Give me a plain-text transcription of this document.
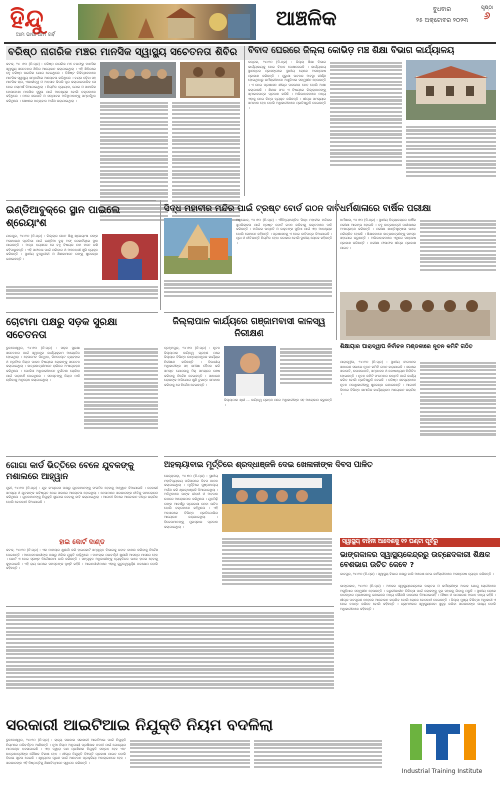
ହିନ୍ଦୁ
ଆମ ଭାଷା ଆମ ଗର୍ବ
ଆଞ୍ଚଳିକ	ବୁଧବାର
୨୫ ଅକ୍ଟୋବର ୨୦୨୩
ପୃଷ୍ଠା
୬
ବରିଷ୍ଠ ନାଗରିକ ମଞ୍ଚର ମାନସିକ ସ୍ୱାସ୍ଥ୍ୟ ସଚେତନତା ଶିବିର
କଟକ, ୨୪ ।୧୦ (ନି.ପ୍ର) : ବରିଷ୍ଠ ନାଗରିକ ମଞ୍ଚ ତରଫରୁ ମାନସିକ ସ୍ୱାସ୍ଥ୍ୟ ସଚେତନତା ଶିବିର ଆୟୋଜନ କରାଯାଇଥିଲା । ଏହି ଶିବିରରେ ବହୁ ବରିଷ୍ଠ ନାଗରିକ ଯୋଗ ଦେଇଥିଲେ । ବିଶିଷ୍ଟ ଚିକିତ୍ସକମାନେ ମାନସିକ ସ୍ୱାସ୍ଥ୍ୟ ସମ୍ପର୍କରେ ଆଲୋଚନା କରିଥିଲେ । ବୟସ ବଢ଼ିବା ସହ ମାନସିକ ଚାପ, ଏକାକୀତ୍ୱ ଓ ଅବସାଦ କିପରି ଦୂର କରାଯାଇପାରିବ ସେ ନେଇ ପରାମର୍ଶ ଦିଆଯାଇଥିଲା । ନିୟମିତ ବ୍ୟାୟାମ, ଯୋଗ ଓ ସାମାଜିକ ମେଳାମେଶା ମାନସିକ ସୁସ୍ଥତା ପାଇଁ ଆବଶ୍ୟକ ବୋଲି ବକ୍ତାମାନେ କହିଥିଲେ । ମଞ୍ଚର ସଭାପତି ଓ ସମ୍ପାଦକ ଅତିଥିମାନଙ୍କୁ ସମ୍ବର୍ଦ୍ଧିତ କରିଥିଲେ । ଶେଷରେ ଧନ୍ୟବାଦ ଅର୍ପଣ କରାଯାଇଥିଲା ।
ବିବାଦ ଘେରରେ ଜିଲ୍ଲା କୋଭିଡ଼ ମଞ୍ଚ ଶିକ୍ଷା ବିଭାଗ କାର୍ଯ୍ୟାଳୟ
ଭଦ୍ରକ, ୨୪।୧୦ (ନି.ପ୍ର) : ଜିଲ୍ଲା ଶିକ୍ଷା ବିଭାଗ କାର୍ଯ୍ୟାଳୟକୁ ନେଇ ବିବାଦ ଦେଖାଦେଇଛି । କାର୍ଯ୍ୟାଳୟ ସ୍ଥାନାନ୍ତର ପ୍ରସଙ୍ଗରେ ସ୍ଥାନୀୟ ଲୋକେ ଅସନ୍ତୋଷ ପ୍ରକାଶ କରିଛନ୍ତି । ପୁରୁଣା ଭବନର ଅବସ୍ଥା ଜୀର୍ଣ୍ଣ ହୋଇଥିବାରୁ କର୍ମଚାରୀମାନେ ଅସୁବିଧାର ସମ୍ମୁଖୀନ ହେଉଛନ୍ତି । ଏ ନେଇ ପ୍ରଶାସନ ଶୀଘ୍ର ପଦକ୍ଷେପ ନେବ ବୋଲି ଆଶା କରାଯାଉଛି । ଶିକ୍ଷକ ସଂଘ ଏ ବିଷୟରେ ଜିଲ୍ଲାପାଳଙ୍କୁ ସ୍ମାରକପତ୍ର ପ୍ରଦାନ କରିଛି । ଅଭିଭାବକମାନେ ମଧ୍ୟ ଏହାକୁ ନେଇ ଚିନ୍ତା ବ୍ୟକ୍ତ କରିଛନ୍ତି । ଶୀଘ୍ର ସମସ୍ୟାର ସମାଧାନ ହେବ ବୋଲି ଅଧିକାରୀମାନେ ପ୍ରତିଶ୍ରୁତି ଦେଇଛନ୍ତି ।
ଇଣ୍ଡିଆବୁକ୍‌ରେ ସ୍ଥାନ ପାଇଲେ ଶ୍ରେୟାଂଶ
ଯାଜପୁର, ୨୪।୧୦ (ନି.ପ୍ର) : ଜିଲ୍ଲାର ଛୋଟ ଶିଶୁ ଶ୍ରେୟାଂଶ ତାଙ୍କ ଅସାଧାରଣ ପ୍ରତିଭା ପାଇଁ ଇଣ୍ଡିଆ ବୁକ୍ ଅଫ୍ ରେକର୍ଡସ୍‌ରେ ସ୍ଥାନ ପାଇଛନ୍ତି । ଅଳ୍ପ ବୟସରେ ସେ ବହୁ ବିଷୟର ନାମ ମନେ ରଖି କହିପାରୁଛନ୍ତି । ଏହି ସଫଳତା ପାଇଁ ପରିବାର ଓ ଅଞ୍ଚଳବାସୀ ଖୁସି ବ୍ୟକ୍ତ କରିଛନ୍ତି । ସ୍ଥାନୀୟ ବୁଦ୍ଧିଜୀବୀ ଓ ଶିକ୍ଷକମାନେ ତାଙ୍କୁ ଶୁଭେଚ୍ଛା ଜଣାଇଛନ୍ତି ।
ସିଦ୍ଧ ମହାବୀର ମନ୍ଦିର ପାଇଁ ଟ୍ରଷ୍ଟ ବୋର୍ଡ ଗଠନ ଦାବି
ଅନୁଗୋଳ, ୨୪।୧୦ (ନି.ପ୍ର) : ଐତିହ୍ୟମଣ୍ଡିତ ସିଦ୍ଧ ମହାବୀର ମନ୍ଦିରର ସୁପରିଚାଳନା ପାଇଁ ଟ୍ରଷ୍ଟ ବୋର୍ଡ ଗଠନ କରିବାକୁ ଭକ୍ତମାନେ ଦାବି କରିଛନ୍ତି । ମନ୍ଦିରର ଉନ୍ନତି ଓ ଭକ୍ତଙ୍କ ସୁବିଧା ପାଇଁ ଏହା ଆବଶ୍ୟକ ବୋଲି ସେମାନେ କହିଛନ୍ତି । ପ୍ରଶାସନକୁ ଏ ନେଇ ଦାବିପତ୍ର ଦିଆଯାଇଛି । ପୂଜା ଓ ନୀତିକାନ୍ତି ନିୟମିତ ହେବା ଦରକାର ବୋଲି ସ୍ଥାନୀୟ ଲୋକେ କହିଛନ୍ତି ।
ଧର୍ମଶାଳାରେ ବାର୍ଷିକ ପରୀକ୍ଷା
ଧର୍ମଶାଳା, ୨୪।୧୦ (ନି.ପ୍ର) : ସ୍ଥାନୀୟ ବିଦ୍ୟାଳୟରେ ବାର୍ଷିକ ପରୀକ୍ଷା ଆରମ୍ଭ ହୋଇଛି । ବହୁ ଛାତ୍ରଛାତ୍ରୀ ପରୀକ୍ଷାରେ ଅଂଶଗ୍ରହଣ କରିଛନ୍ତି । ପରୀକ୍ଷା ଶାନ୍ତିଶୃଙ୍ଖଳା ଭାବେ ପରିଚାଳିତ ହେଉଛି । ଶିକ୍ଷକମାନେ ଛାତ୍ରଛାତ୍ରୀଙ୍କୁ ସମସ୍ତ ସହଯୋଗ କରୁଛନ୍ତି । ଅଭିଭାବକମାନେ ଏଥିରେ ସନ୍ତୋଷ ପ୍ରକାଶ କରିଛନ୍ତି । ପରୀକ୍ଷା ଫଳାଫଳ ଶୀଘ୍ର ପ୍ରକାଶ ପାଇବ ।
ଜିଲ୍ଲାପାଳ କାର୍ଯ୍ୟରେ ଗଞ୍ଜାମବାସୀ କାଳସ୍ୱ ନିରୀକ୍ଷଣ
ବ୍ରହ୍ମପୁର, ୨୪।୧୦ (ନି.ପ୍ର) : ନୂତନ ଜିଲ୍ଲାପାଳ ଦାୟିତ୍ୱ ଗ୍ରହଣ ପରେ ଜିଲ୍ଲାର ବିଭିନ୍ନ ଉନ୍ନୟନମୂଳକ କାର୍ଯ୍ୟର ନିରୀକ୍ଷଣ କରିଛନ୍ତି । ବିଭାଗୀୟ ଅଧିକାରୀଙ୍କ ସହ ସମୀକ୍ଷା ବୈଠକ କରି ସମସ୍ତ ଯୋଜନାକୁ ଠିକ୍ ସମୟରେ ଶେଷ କରିବାକୁ ନିର୍ଦ୍ଦେଶ ଦେଇଛନ୍ତି । ସାଧାରଣ ଲୋକଙ୍କ ଅଭିଯୋଗ ଶୁଣି ତୁରନ୍ତ ସମାଧାନ କରିବାକୁ ସେ ନିର୍ଦ୍ଦେଶ ଦେଇଛନ୍ତି ।
ଜିଲ୍ଲାପାଳ ଶ୍ରୀ ... ଦାୟିତ୍ୱ ଗ୍ରହଣ ପରେ ଅଧିକାରୀଙ୍କ ସହ ଆଲୋଚନା କରୁଛନ୍ତି ।
ଚୋଟାମା ପକ୍ଷରୁ ସଡ଼କ ସୁରକ୍ଷା ସଚେତନତା
ଭୁବନେଶ୍ୱର, ୨୪।୧୦ (ନି.ପ୍ର) : ସଡ଼କ ସୁରକ୍ଷା ସଚେତନତା ପାଇଁ ସ୍ୱତନ୍ତ୍ର କାର୍ଯ୍ୟକ୍ରମ ଆୟୋଜିତ ହୋଇଥିଲା । ହେଲମେଟ ପିନ୍ଧିବା, ସିଟବେଲ୍ଟ ବ୍ୟବହାର ଓ ଟ୍ରାଫିକ ନିୟମ ପାଳନ ବିଷୟରେ ଲୋକଙ୍କୁ ସଚେତନ କରାଯାଇଥିଲା । ଛାତ୍ରଛାତ୍ରୀମାନେ ରାଲିରେ ଅଂଶଗ୍ରହଣ କରିଥିଲେ । ପୋଲିସ ଅଧିକାରୀମାନେ ଦୁର୍ଘଟଣା ରୋକିବା ପାଇଁ ପରାମର୍ଶ ଦେଇଥିଲେ । ସମସ୍ତଙ୍କୁ ନିୟମ ମାନି ଚାଲିବାକୁ ଅନୁରୋଧ କରାଯାଇଥିଲା ।
ଶିକ୍ଷୀୟାର ପାରାଦ୍ୱୀପ ନିର୍ବାଚନ ମଣ୍ଡଳୀରେ ନୂତନ କମିଟି ଗଠିତ
ପାରାଦ୍ୱୀପ, ୨୪।୧୦ (ନି.ପ୍ର) : ସ୍ଥାନୀୟ ସଂଗଠନର ସାଧାରଣ ସଭାରେ ନୂତନ କମିଟି ଗଠନ କରାଯାଇଛି । ସଭାରେ ସଭାପତି, ଉପସଭାପତି, ସମ୍ପାଦକ ଓ କୋଷାଧ୍ୟକ୍ଷ ନିର୍ବାଚିତ ହୋଇଛନ୍ତି । ନୂତନ କମିଟି ସଂଗଠନର ଉନ୍ନତି ପାଇଁ କାର୍ଯ୍ୟ କରିବ ବୋଲି ପ୍ରତିଶ୍ରୁତି ଦେଇଛି । ବରିଷ୍ଠ ସଦସ୍ୟମାନେ ନୂତନ ପଦାଧିକାରୀଙ୍କୁ ଶୁଭେଚ୍ଛା ଜଣାଇଛନ୍ତି । ଆଗାମୀ ଦିନରେ ବିଭିନ୍ନ ସାମାଜିକ କାର୍ଯ୍ୟକ୍ରମ ଆୟୋଜନ କରାଯିବ ।
ଅହଲ୍ୟାବାଇ ମୂର୍ତ୍ତିରେ ଶ୍ରଦ୍ଧାଞ୍ଜଳି ଦେଇ ଖେଳାଳୀଙ୍କ ଦିବସ ପାଳିତ
କେନ୍ଦ୍ରାପଡ଼ା, ୨୪।୧୦ (ନି.ପ୍ର) : ସ୍ଥାନୀୟ ମହାବିଦ୍ୟାଳୟ ପରିସରରେ ଦିବସ ପାଳନ କରାଯାଇଥିଲା । ମୂର୍ତ୍ତିରେ ପୁଷ୍ପମାଲ୍ୟ ଅର୍ପଣ କରି ଶ୍ରଦ୍ଧାଞ୍ଜଳି ଦିଆଯାଇଥିଲା । ଅତିଥିମାନେ ତାଙ୍କ ଜୀବନୀ ଓ ଅବଦାନ ଉପରେ ଆଲୋକପାତ କରିଥିଲେ । ଯୁବପିଢ଼ି ତାଙ୍କ ଆଦର୍ଶରୁ ପ୍ରେରଣା ନେବା ଉଚିତ ବୋଲି ବକ୍ତାମାନେ କହିଥିଲେ । ଏହି ଅବସରରେ ବିଭିନ୍ନ ପ୍ରତିଯୋଗିତା ଆୟୋଜନ କରାଯାଇଥିଲା । ବିଜେତାମାନଙ୍କୁ ପୁରସ୍କାର ପ୍ରଦାନ କରାଯାଇଥିଲା ।
ଗୋଗା କାର୍ଡ ଭିତ୍ତିରେ ବେଳେ ଯୁବକଙ୍କୁ ମଶାଲରେ ଆହ୍ୱାନ
ପୁରୀ, ୨୪।୧୦ (ନି.ପ୍ର) : ଯୁବ କଂଗ୍ରେସ ପକ୍ଷରୁ ଯୁବକମାନଙ୍କୁ ସଂଗଠିତ ହେବାକୁ ଆହ୍ୱାନ ଦିଆଯାଇଛି । ବେକାରୀ ସମସ୍ୟା ଓ ଯୁବକଙ୍କ ଭବିଷ୍ୟତ ନେଇ ସଭାରେ ଆଲୋଚନା ହୋଇଥିଲା । ନେତାମାନେ ସରକାରଙ୍କ ନୀତିକୁ ସମାଲୋଚନା କରିଥିଲେ । ଯୁବକମାନଙ୍କୁ ନିଯୁକ୍ତି ସୁଯୋଗ ଦେବାକୁ ଦାବି କରାଯାଇଥିଲା । ଆଗାମୀ ଦିନରେ ଆନ୍ଦୋଳନ ତୀବ୍ର କରାଯିବ ବୋଲି ଚେତାବନୀ ଦିଆଯାଇଛି ।
ହାଇ କୋର୍ଟ ଦାଣ୍ଡ
କଟକ, ୨୪।୧୦ (ନି.ପ୍ର) : ଏକ ମାମଲାର ଶୁଣାଣି କରି ହାଇକୋର୍ଟ ସମ୍ପୃକ୍ତ ବିଭାଗକୁ ଜବାବ ଦାଖଲ କରିବାକୁ ନିର୍ଦ୍ଦେଶ ଦେଇଛନ୍ତି । ଆବେଦନକାରୀଙ୍କ ପକ୍ଷରୁ ଓକିଲ ଯୁକ୍ତି ବାଢ଼ିଥିଲେ । ମାମଲାର ପରବର୍ତ୍ତୀ ଶୁଣାଣି ଆସନ୍ତା ମାସରେ ହେବ । କୋର୍ଟ ଏ ନେଇ ସ୍ପଷ୍ଟ ନିର୍ଦ୍ଦେଶନାମା ଜାରି କରିଛନ୍ତି । ସମ୍ପୃକ୍ତ ଅଧିକାରୀଙ୍କୁ ବ୍ୟକ୍ତିଗତ ଭାବେ ହାଜର ହେବାକୁ କୁହାଯାଇଛି । ଏହି ରାୟ ଉପରେ ସମସ୍ତଙ୍କ ଦୃଷ୍ଟି ରହିଛି । ଆଇନଜୀବୀମାନେ ଏହାକୁ ଗୁରୁତ୍ୱପୂର୍ଣ୍ଣ ପଦକ୍ଷେପ ବୋଲି କହିଛନ୍ତି ।
ସ୍ୱାସ୍ଥ୍ୟ ବାହିନୀ ଆଦେଶକୁ ୧୨ ଘଣ୍ଟା ପୂର୍ବରୁ
ଭାଙ୍ଗକାଳର ସ୍ୱାସ୍ଥ୍ୟକେନ୍ଦ୍ରରୁ ଉଚ୍ଛେଦକାରୀ ଶିକ୍ଷକ ବେଶଭାଗ ଉଚିତ କେବେ ?
ଜାଜପୁର, ୨୪।୧୦ (ନି.ପ୍ର) : ସ୍ୱାସ୍ଥ୍ୟ ବିଭାଗ ପକ୍ଷରୁ ଜାରି ଆଦେଶ ନେଇ କର୍ମଚାରୀମାନେ ଅସନ୍ତୋଷ ବ୍ୟକ୍ତ କରିଛନ୍ତି ।
ଭାଙ୍ଗକାଳ, ୨୪।୧୦ (ନି.ପ୍ର) : ଅଞ୍ଚଳର ସ୍ୱାସ୍ଥ୍ୟକେନ୍ଦ୍ରରେ ଡାକ୍ତର ଓ କର୍ମଚାରୀଙ୍କ ଅଭାବ ଯୋଗୁ ରୋଗୀମାନେ ଅସୁବିଧାର ସମ୍ମୁଖୀନ ହେଉଛନ୍ତି । ଜରୁରୀକାଳୀନ ଚିକିତ୍ସା ପାଇଁ ଲୋକଙ୍କୁ ଦୂର ସହରକୁ ଯିବାକୁ ପଡୁଛି । ସ୍ଥାନୀୟ ଲୋକେ ବାରମ୍ବାର ପ୍ରଶାସନକୁ ଜଣାଇଲେ ମଧ୍ୟ କୌଣସି ପଦକ୍ଷେପ ନିଆଯାଇନାହିଁ । ଔଷଧ ଓ ଉପକରଣ ଅଭାବ ମଧ୍ୟ ରହିଛି । ଶୀଘ୍ର ପଦପୂରଣ ନହେଲେ ଆନ୍ଦୋଳନ କରାଯିବ ବୋଲି ଲୋକେ ଚେତାବନୀ ଦେଇଛନ୍ତି । ଜିଲ୍ଲା ମୁଖ୍ୟ ଚିକିତ୍ସା ଅଧିକାରୀ ଏ ନେଇ ତଦନ୍ତ କରିବେ ବୋଲି କହିଛନ୍ତି । ଗ୍ରାମାଞ୍ଚଳର ସ୍ୱାସ୍ଥ୍ୟସେବା ସୁଦୃଢ଼ କରିବା ସରକାରଙ୍କ ଲକ୍ଷ୍ୟ ବୋଲି ଅଧିକାରୀମାନେ କହିଛନ୍ତି ।
ସରକାରୀ ଆଇଟିଆଇ ନିଯୁକ୍ତି ନିୟମ ବଦଳିଲା
ଭୁବନେଶ୍ୱର, ୨୪।୧୦ (ନି.ପ୍ର) : ରାଜ୍ୟ ସରକାର ସରକାରୀ ଆଇଟିଆଇ ପାଇଁ ନିଯୁକ୍ତି ନିୟମରେ ପରିବର୍ତ୍ତନ ଆଣିଛନ୍ତି । ନୂଆ ନିୟମ ଅନୁଯାୟୀ ପ୍ରଶିକ୍ଷକ ପଦବୀ ପାଇଁ ଯୋଗ୍ୟତା ମାପଦଣ୍ଡ ବଦଳାଯାଇଛି । ଏହା ଦ୍ୱାରା ଦକ୍ଷ ପ୍ରଶିକ୍ଷକ ନିଯୁକ୍ତି ସମ୍ଭବ ହେବ ଏବଂ ଛାତ୍ରଛାତ୍ରୀଙ୍କ କୌଶଳ ବିକାଶ ହେବ । ଶୀଘ୍ର ନିଯୁକ୍ତି ବିଜ୍ଞପ୍ତି ପ୍ରକାଶ ପାଇବ ବୋଲି ବିଭାଗ ସୂଚନା ଦେଇଛି । ଶୂନ୍ୟପଦ ପୂରଣ ପାଇଁ ଆବେଦନ ପ୍ରକ୍ରିୟା ଅନଲାଇନରେ ହେବ । ସରକାରଙ୍କ ଏହି ନିଷ୍ପତ୍ତିକୁ ଶିକ୍ଷାବିତ୍‌ମାନେ ସ୍ୱାଗତ କରିଛନ୍ତି ।
Industrial Training Institute
